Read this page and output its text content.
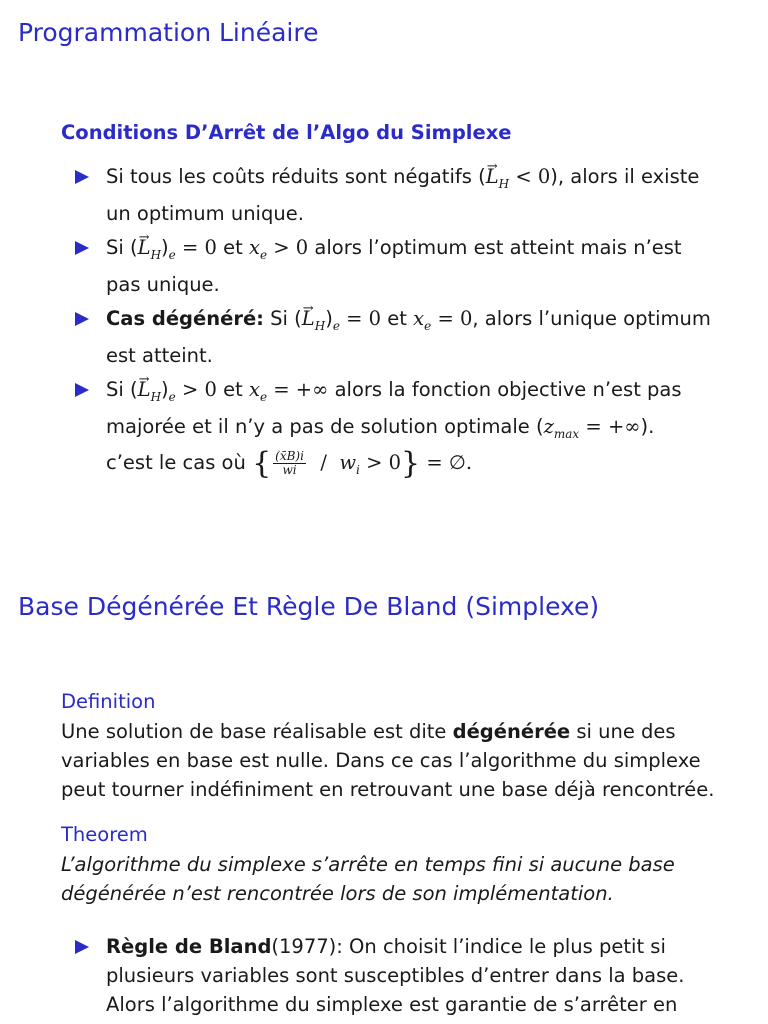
Programmation Linéaire
Conditions D’Arrêt de l’Algo du Simplexe
Si tous les coûts réduits sont négatifs (→ $L_H < 0$), alors il existe un optimum unique.
Si (→ $L_H)_e = 0$ et $x_e > 0$ alors l’optimum est atteint mais n’est pas unique.
Cas dégénéré: Si (→ $L_H)_e = 0$ et $x_e = 0$, alors l’unique optimum est atteint.
Si (→ $L_H)_e > 0$ et $x_e$ = +∞ alors la fonction objective n’est pas majorée et il n’y a pas de solution optimale ($z_{max}$ = +∞).
c’est le cas où { $\frac{(x̄B)i}{wi} / w_i > 0$} = ∅.
Base Dégénérée Et Règle De Bland (Simplexe)
Definition

Une solution de base réalisable est dite dégénérée si une des variables en base est nulle. Dans ce cas l’algorithme du simplexe peut tourner indéfiniment en retrouvant une base déjà rencontrée.

Theorem

L’algorithme du simplexe s’arrête en temps fini si aucune base dégénérée n’est rencontrée lors de son implémentation.

Règle de Bland(1977): On choisit l’indice le plus petit si plusieurs variables sont susceptibles d’entrer dans la base. Alors l’algorithme du simplexe est garantie de s’arrêter en
